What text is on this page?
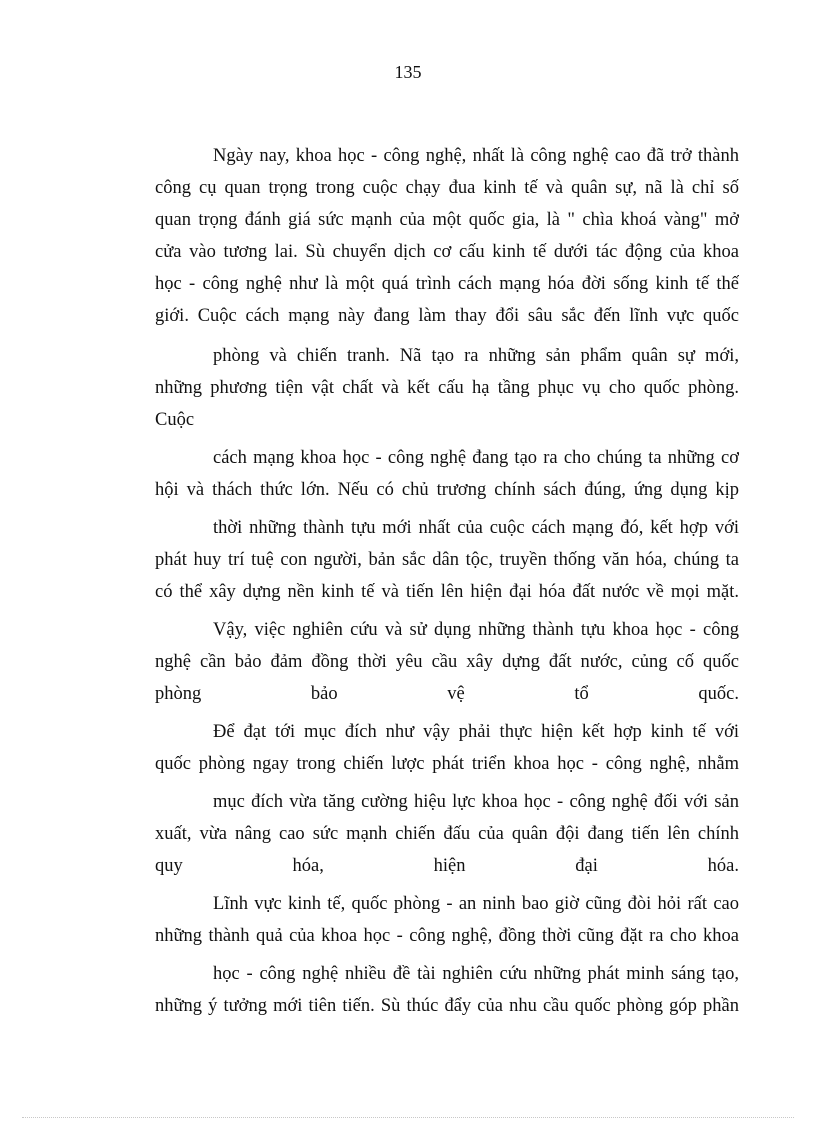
135
Ngày nay, khoa học - công nghệ, nhất là công nghệ cao đã trở thành
công cụ quan trọng trong cuộc chạy đua kinh tế và quân sự, nã là chỉ số
quan trọng đánh giá sức mạnh của một quốc gia, là " chìa khoá vàng" mở
cửa vào tương lai. Sù chuyển dịch cơ cấu kinh tế dưới tác động của khoa
học - công nghệ như là một quá trình cách mạng hóa đời sống kinh tế thế
giới. Cuộc cách mạng này đang làm thay đổi sâu sắc đến lĩnh vực quốc
phòng và chiến tranh. Nã tạo ra những sản phẩm quân sự mới,
những phương tiện vật chất và kết cấu hạ tầng phục vụ cho quốc phòng.
Cuộc
cách mạng khoa học - công nghệ đang tạo ra cho chúng ta những cơ
hội và thách thức lớn. Nếu có chủ trương chính sách đúng, ứng dụng kịp
thời những thành tựu mới nhất của cuộc cách mạng đó, kết hợp với
phát huy trí tuệ con người, bản sắc dân tộc, truyền thống văn hóa, chúng ta
có thể xây dựng nền kinh tế và tiến lên hiện đại hóa đất nước về mọi mặt.
Vậy, việc nghiên cứu và sử dụng những thành tựu khoa học - công
nghệ cần bảo đảm đồng thời yêu cầu xây dựng đất nước, củng cố quốc
phòng bảo vệ tổ quốc.
Để đạt tới mục đích như vậy phải thực hiện kết hợp kinh tế với
quốc phòng ngay trong chiến lược phát triển khoa học - công nghệ, nhằm
mục đích vừa tăng cường hiệu lực khoa học - công nghệ đối với sản
xuất, vừa nâng cao sức mạnh chiến đấu của quân đội đang tiến lên chính
quy hóa, hiện đại hóa.
Lĩnh vực kinh tế, quốc phòng - an ninh bao giờ cũng đòi hỏi rất cao
những thành quả của khoa học - công nghệ, đồng thời cũng đặt ra cho khoa
học - công nghệ nhiều đề tài nghiên cứu những phát minh sáng tạo,
những ý tưởng mới tiên tiến. Sù thúc đẩy của nhu cầu quốc phòng góp phần
